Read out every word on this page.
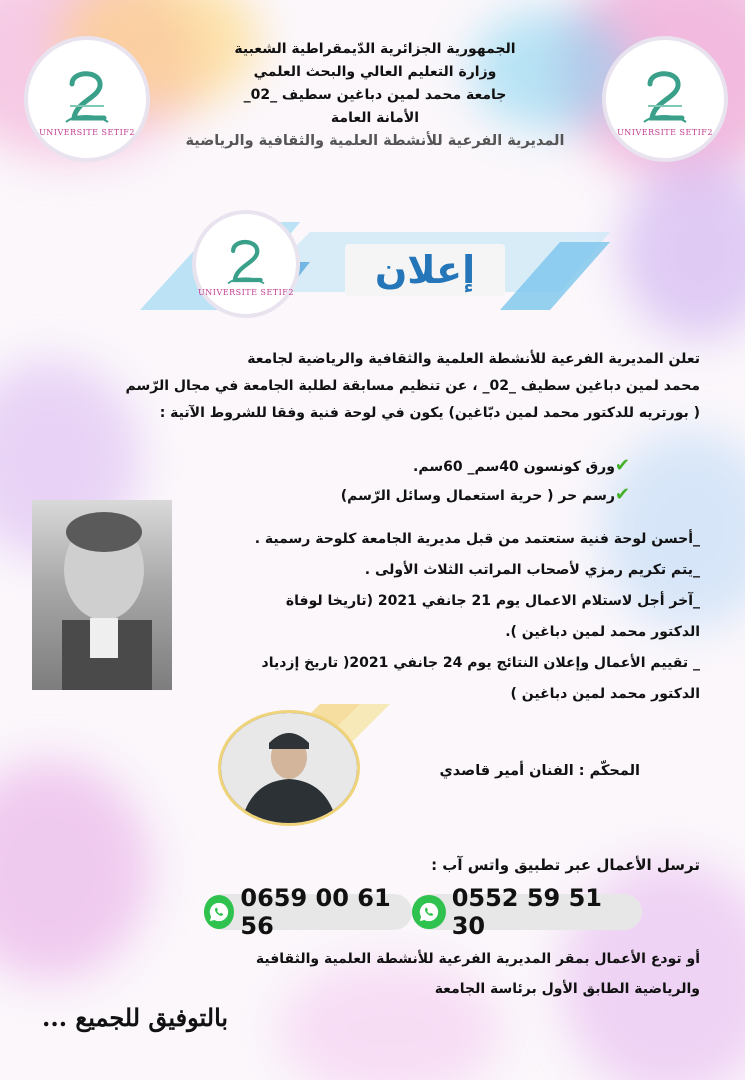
UNIVERSITE SETIF2	UNIVERSITE SETIF2
الجمهورية الجزائرية الدّيمقراطية الشعبية
وزارة التعليم العالي والبحث العلمي
جامعة محمد لمين دباغين سطيف _02_
الأمانة العامة
المديرية الفرعية للأنشطة العلمية والثقافية والرياضية
UNIVERSITE SETIF2	إعلان
تعلن المديرية الفرعية للأنشطة العلمية والثقافية والرياضية لجامعة
محمد لمين دباغين سطيف _02_ ، عن تنظيم مسابقة لطلبة الجامعة في مجال الرّسم
( بورتريه للدكتور محمد لمين دبّاغين) يكون في لوحة فنية وفقا للشروط الآتية :
✔ورق كونسون 40سم_ 60سم.
✔رسم حر ( حرية استعمال وسائل الرّسم)
_أحسن لوحة فنية ستعتمد من قبل مديرية الجامعة كلوحة رسمية .
_يتم تكريم رمزي لأصحاب المراتب الثلاث الأولى .
_آخر أجل لاستلام الاعمال يوم 21 جانفي 2021 (تاريخا لوفاة
الدكتور محمد لمين دباغين ).
_ تقييم الأعمال وإعلان النتائج يوم 24 جانفي 2021( تاريخ إزدياد
الدكتور محمد لمين دباغين )
المحكّم : الفنان أمير قاصدي
ترسل الأعمال عبر تطبيق واتس آب :
0552 59 51 30
0659 00 61 56
أو تودع الأعمال بمقر المديرية الفرعية للأنشطة العلمية والثقافية
والرياضية الطابق الأول برئاسة الجامعة
بالتوفيق للجميع ...
